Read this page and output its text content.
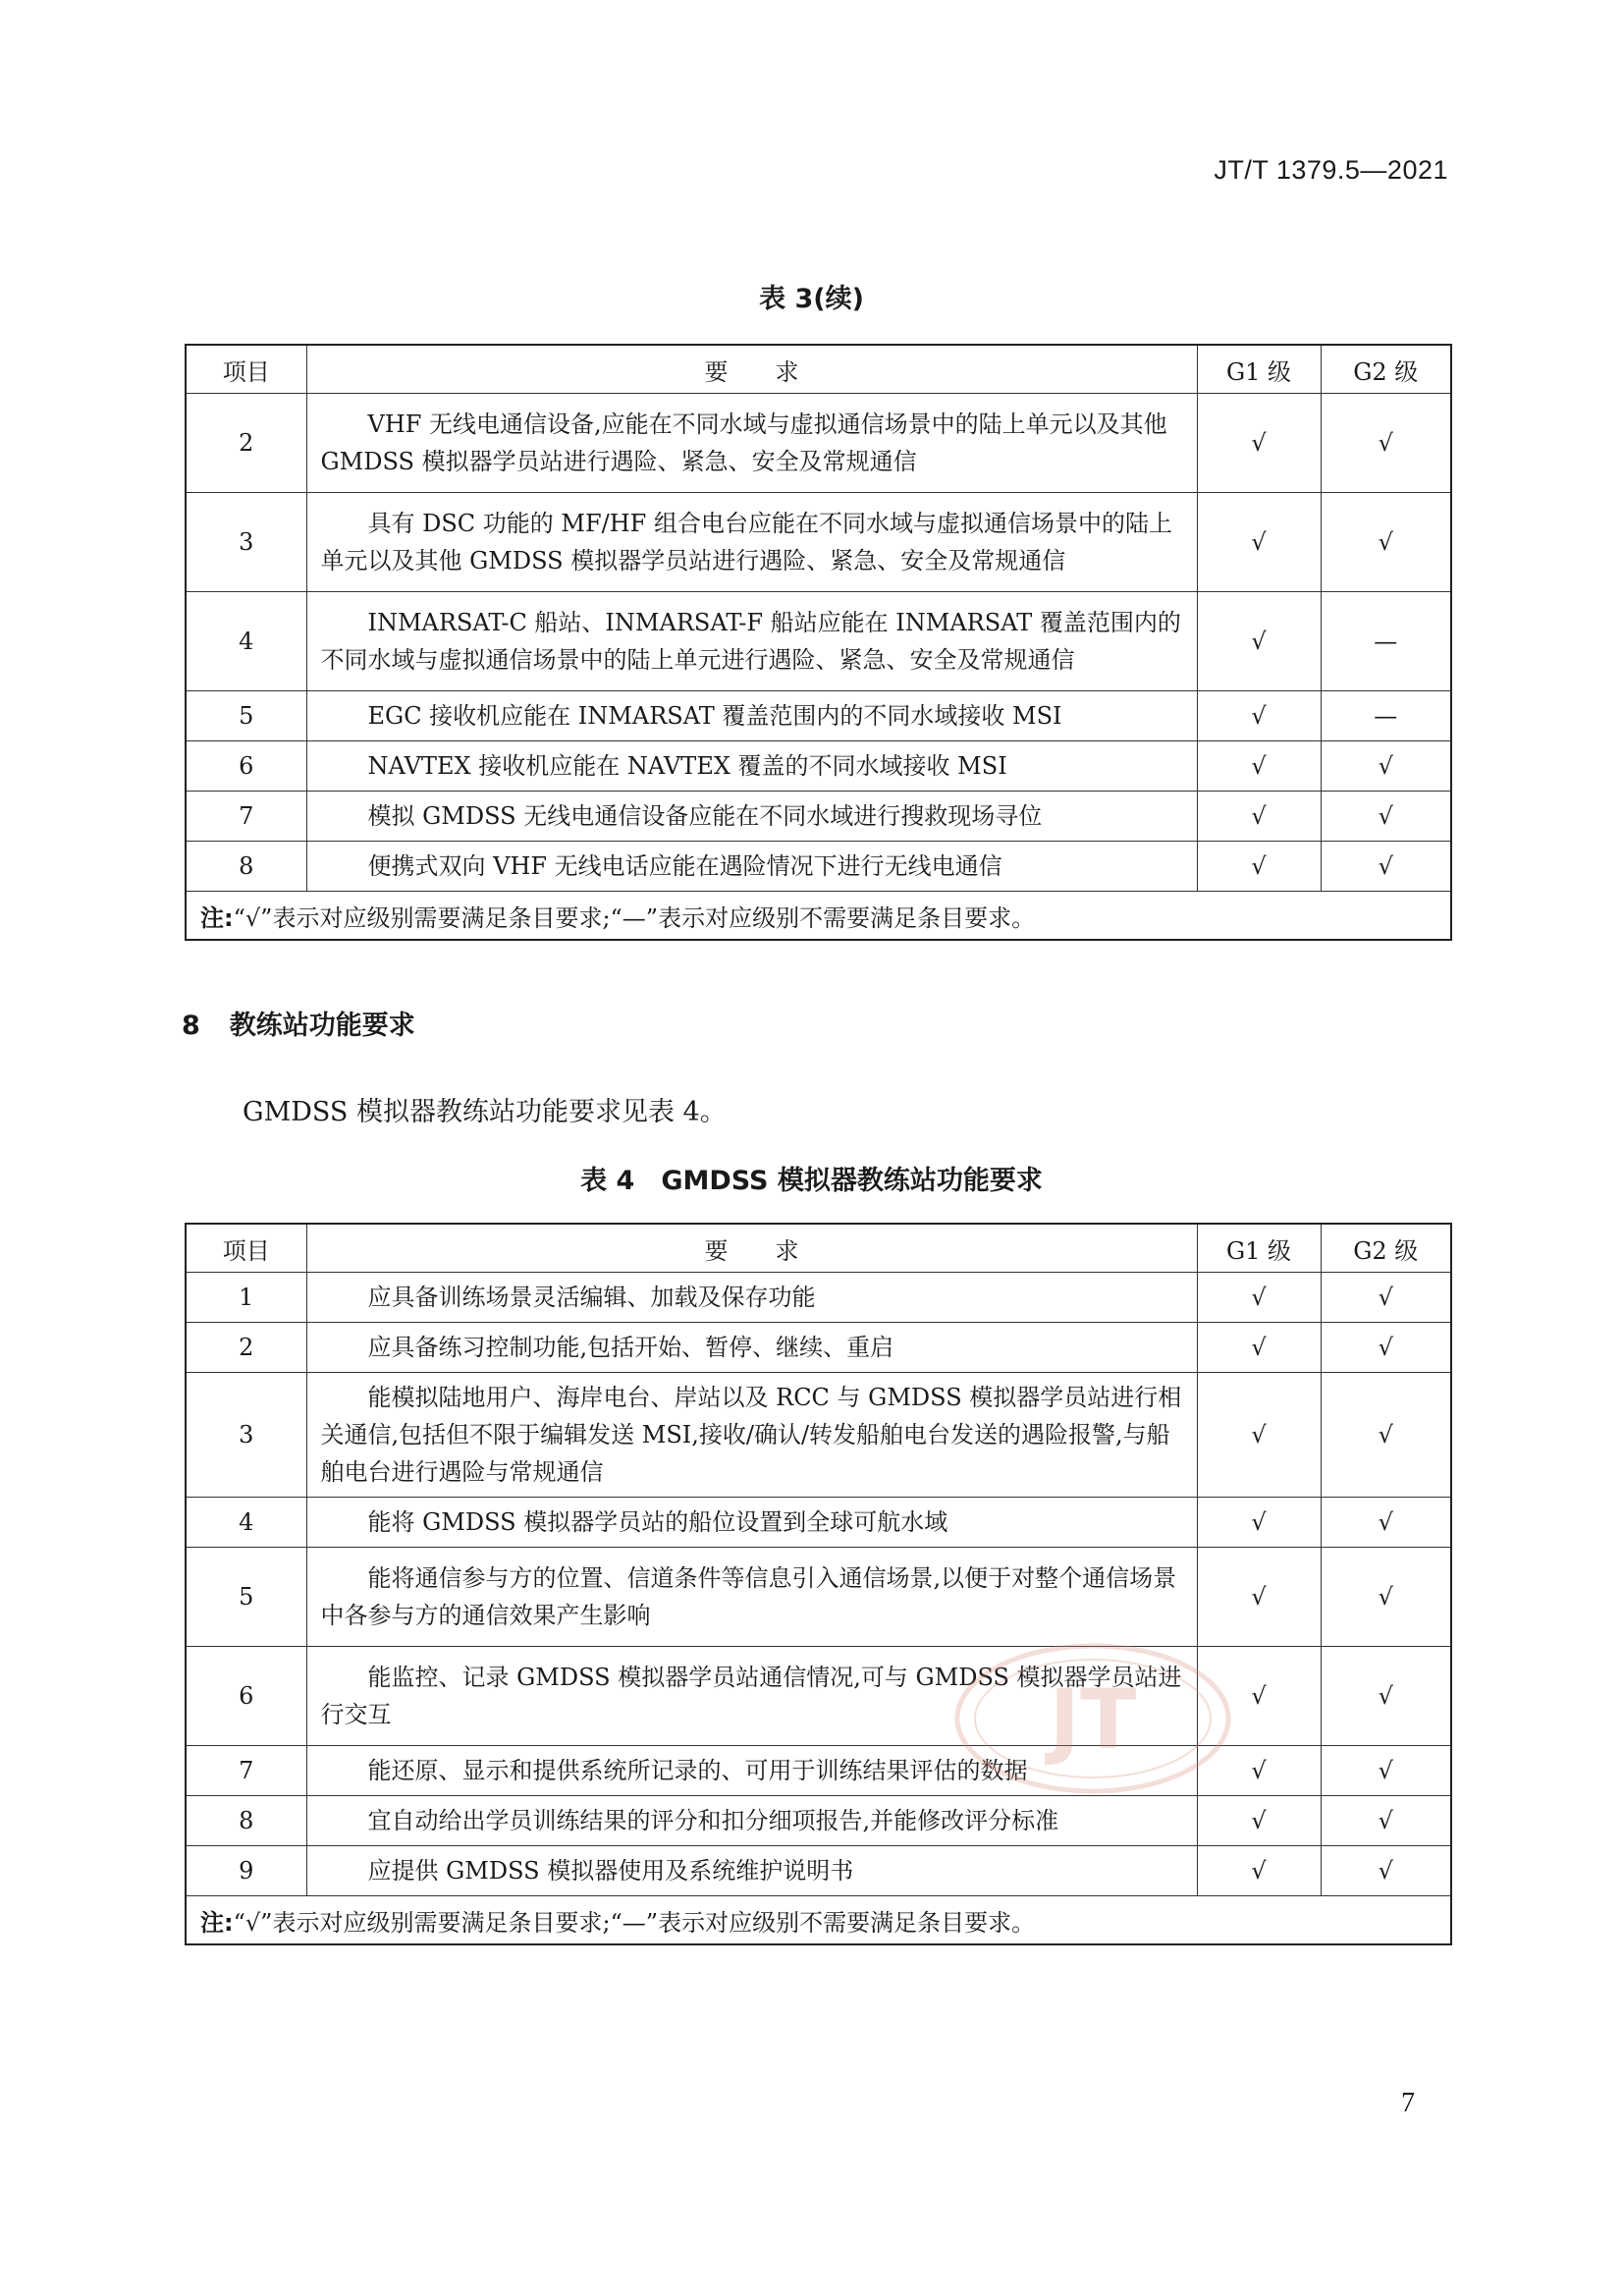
JT/T 1379.5—2021
表 3(续)
项目	要　　求	G1 级	G2 级
2	VHF 无线电通信设备,应能在不同水域与虚拟通信场景中的陆上单元以及其他 GMDSS 模拟器学员站进行遇险、紧急、安全及常规通信	√	√
3	具有 DSC 功能的 MF/HF 组合电台应能在不同水域与虚拟通信场景中的陆上单元以及其他 GMDSS 模拟器学员站进行遇险、紧急、安全及常规通信	√	√
4	INMARSAT-C 船站、INMARSAT-F 船站应能在 INMARSAT 覆盖范围内的不同水域与虚拟通信场景中的陆上单元进行遇险、紧急、安全及常规通信	√	—
5	EGC 接收机应能在 INMARSAT 覆盖范围内的不同水域接收 MSI	√	—
6	NAVTEX 接收机应能在 NAVTEX 覆盖的不同水域接收 MSI	√	√
7	模拟 GMDSS 无线电通信设备应能在不同水域进行搜救现场寻位	√	√
8	便携式双向 VHF 无线电话应能在遇险情况下进行无线电通信	√	√
注:“√”表示对应级别需要满足条目要求;“—”表示对应级别不需要满足条目要求。			
8 教练站功能要求
GMDSS 模拟器教练站功能要求见表 4。
表 4　GMDSS 模拟器教练站功能要求
项目	要　　求	G1 级	G2 级
1	应具备训练场景灵活编辑、加载及保存功能	√	√
2	应具备练习控制功能,包括开始、暂停、继续、重启	√	√
3	能模拟陆地用户、海岸电台、岸站以及 RCC 与 GMDSS 模拟器学员站进行相关通信,包括但不限于编辑发送 MSI,接收/确认/转发船舶电台发送的遇险报警,与船舶电台进行遇险与常规通信	√	√
4	能将 GMDSS 模拟器学员站的船位设置到全球可航水域	√	√
5	能将通信参与方的位置、信道条件等信息引入通信场景,以便于对整个通信场景中各参与方的通信效果产生影响	√	√
6	能监控、记录 GMDSS 模拟器学员站通信情况,可与 GMDSS 模拟器学员站进行交互	√	√
7	能还原、显示和提供系统所记录的、可用于训练结果评估的数据	√	√
8	宜自动给出学员训练结果的评分和扣分细项报告,并能修改评分标准	√	√
9	应提供 GMDSS 模拟器使用及系统维护说明书	√	√
注:“√”表示对应级别需要满足条目要求;“—”表示对应级别不需要满足条目要求。			
JT
7
